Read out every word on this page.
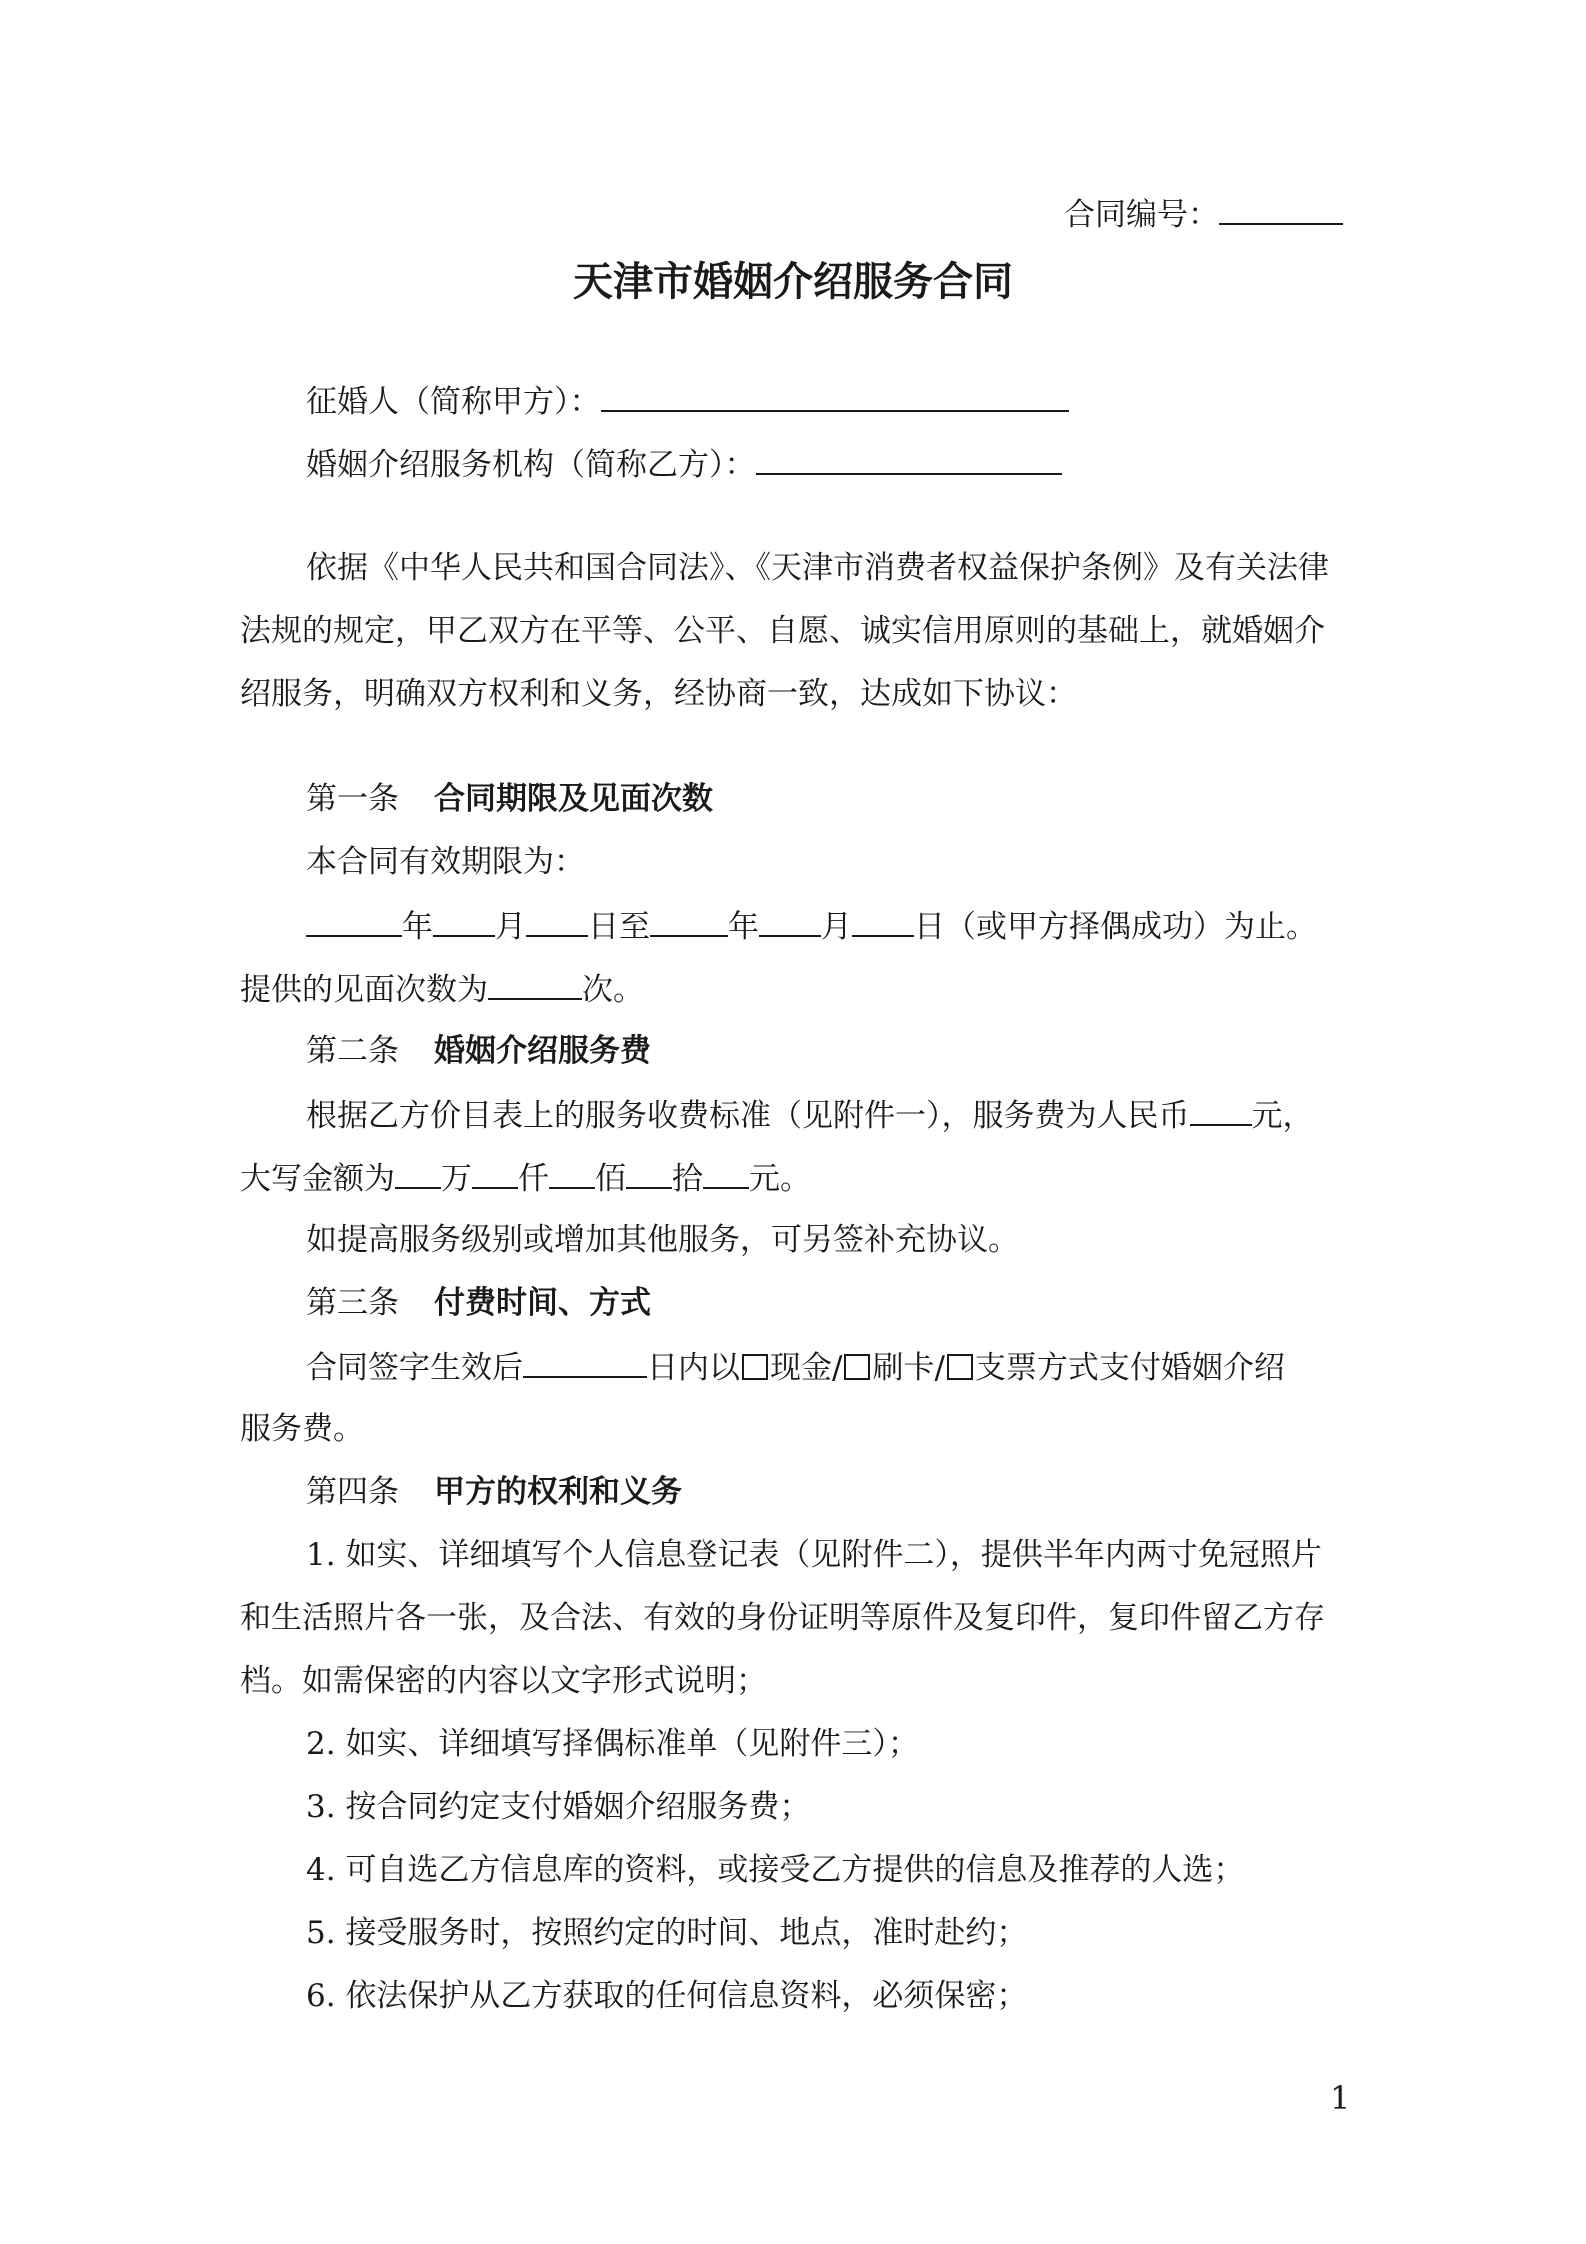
合同编号：
天津市婚姻介绍服务合同
征婚人（简称甲方）：
婚姻介绍服务机构（简称乙方）：
依据《中华人民共和国合同法》、《天津市消费者权益保护条例》及有关法律
法规的规定，甲乙双方在平等、公平、自愿、诚实信用原则的基础上，就婚姻介
绍服务，明确双方权利和义务，经协商一致，达成如下协议：
第一条 合同期限及见面次数
本合同有效期限为：
年 月 日至	年 月 日（或甲方择偶成功）为止。
提供的见面次数为	次。
第二条 婚姻介绍服务费
根据乙方价目表上的服务收费标准（见附件一），服务费为人民币 元，
大写金额为 万 仟 佰 拾 元。
如提高服务级别或增加其他服务，可另签补充协议。
第三条 付费时间、方式
合同签字生效后	日内以 现金/ 刷卡/ 支票方式支付婚姻介绍
服务费。
第四条 甲方的权利和义务
1. 如实、详细填写个人信息登记表（见附件二），提供半年内两寸免冠照片
和生活照片各一张，及合法、有效的身份证明等原件及复印件，复印件留乙方存
档。如需保密的内容以文字形式说明；
2. 如实、详细填写择偶标准单（见附件三）；
3. 按合同约定支付婚姻介绍服务费；
4. 可自选乙方信息库的资料，或接受乙方提供的信息及推荐的人选；
5. 接受服务时，按照约定的时间、地点，准时赴约；
6. 依法保护从乙方获取的任何信息资料，必须保密；
1
